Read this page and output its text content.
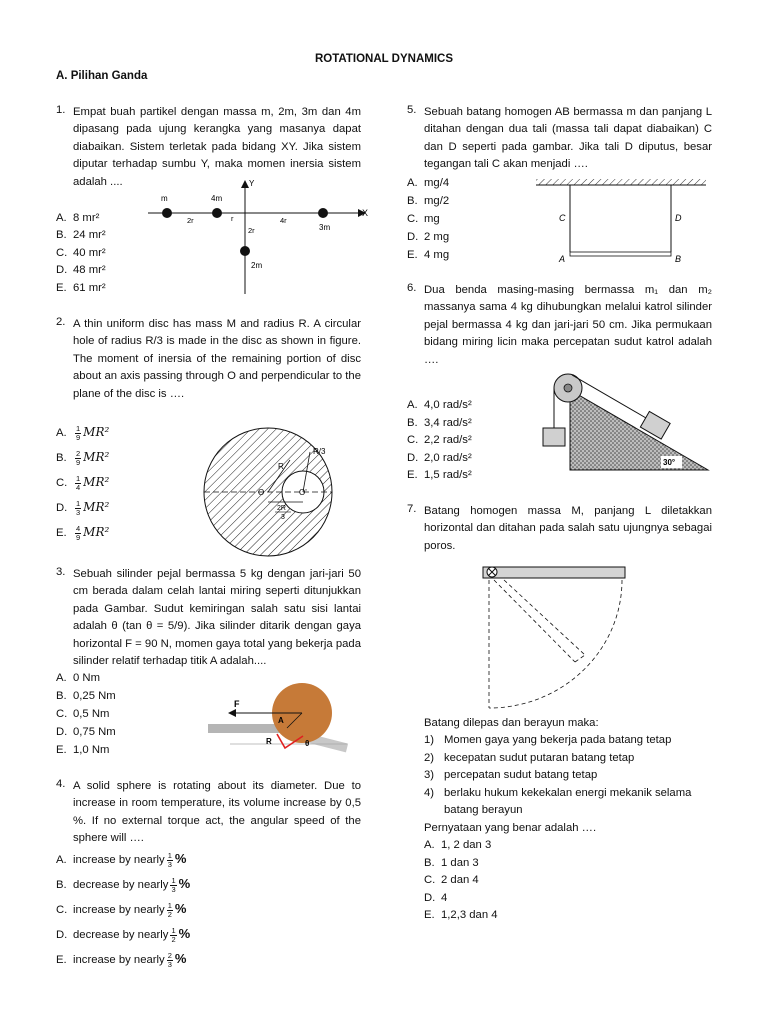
ROTATIONAL DYNAMICS
A. Pilihan Ganda
1. Empat buah partikel dengan massa m, 2m, 3m dan 4m dipasang pada ujung kerangka yang masanya dapat diabaikan. Sistem terletak pada bidang XY. Jika sistem diputar terhadap sumbu Y, maka momen inersia sistem adalah ....
A. 8 mr²
B. 24 mr²
C. 40 mr²
D. 48 mr²
E. 61 mr²
Y
X
m	4m
2r	r	4r
3m
2r
2m
2. A thin uniform disc has mass M and radius R. A circular hole of radius R/3 is made in the disc as shown in figure. The moment of inersia of the remaining portion of disc about an axis passing through O and perpendicular to the plane of the disc is ….
A. $\frac{1}{9} MR^2$
B. $\frac{2}{9} MR^2$
C. $\frac{1}{4} MR^2$
D. $\frac{1}{3} MR^2$
E. $\frac{4}{9} MR^2$
R/3
R
O	O'
2R
3
3. Sebuah silinder pejal bermassa 5 kg dengan jari-jari 50 cm berada dalam celah lantai miring seperti ditunjukkan pada Gambar. Sudut kemiringan salah satu sisi lantai adalah θ (tan θ = 5/9). Jika silinder ditarik dengan gaya horizontal F = 90 N, momen gaya total yang bekerja pada silinder relatif terhadap titik A adalah....
A. 0 Nm
B. 0,25 Nm
C. 0,5 Nm
D. 0,75 Nm
E. 1,0 Nm
F
A
R	θ
4. A solid sphere is rotating about its diameter. Due to increase in room temperature, its volume increase by 0,5 %. If no external torque act, the angular speed of the sphere will ….
A. increase by nearly $\frac{1}{3}$ %
B. decrease by nearly $\frac{1}{3}$ %
C. increase by nearly $\frac{1}{2}$ %
D. decrease by nearly $\frac{1}{2}$ %
E. increase by nearly $\frac{2}{3}$ %
5. Sebuah batang homogen AB bermassa m dan panjang L ditahan dengan dua tali (massa tali dapat diabaikan) C dan D seperti pada gambar. Jika tali D diputus, besar tegangan tali C akan menjadi ….
A. mg/4
B. mg/2
C. mg
D. 2 mg
E. 4 mg
C	D
A	B
6. Dua benda masing-masing bermassa m₁ dan m₂ massanya sama 4 kg dihubungkan melalui katrol silinder pejal bermassa 4 kg dan jari-jari 50 cm. Jika permukaan bidang miring licin maka percepatan sudut katrol adalah ….
A. 4,0 rad/s²
B. 3,4 rad/s²
C. 2,2 rad/s²
D. 2,0 rad/s²
E. 1,5 rad/s²
30°
7. Batang homogen massa M, panjang L diletakkan horizontal dan ditahan pada salah satu ujungnya sebagai poros.
Batang dilepas dan berayun maka:
1) Momen gaya yang bekerja pada batang tetap
2) kecepatan sudut putaran batang tetap
3) percepatan sudut batang tetap
4) berlaku hukum kekekalan energi mekanik selama batang berayun
Pernyataan yang benar adalah ….
A. 1, 2 dan 3
B. 1 dan 3
C. 2 dan 4
D. 4
E. 1,2,3 dan 4
